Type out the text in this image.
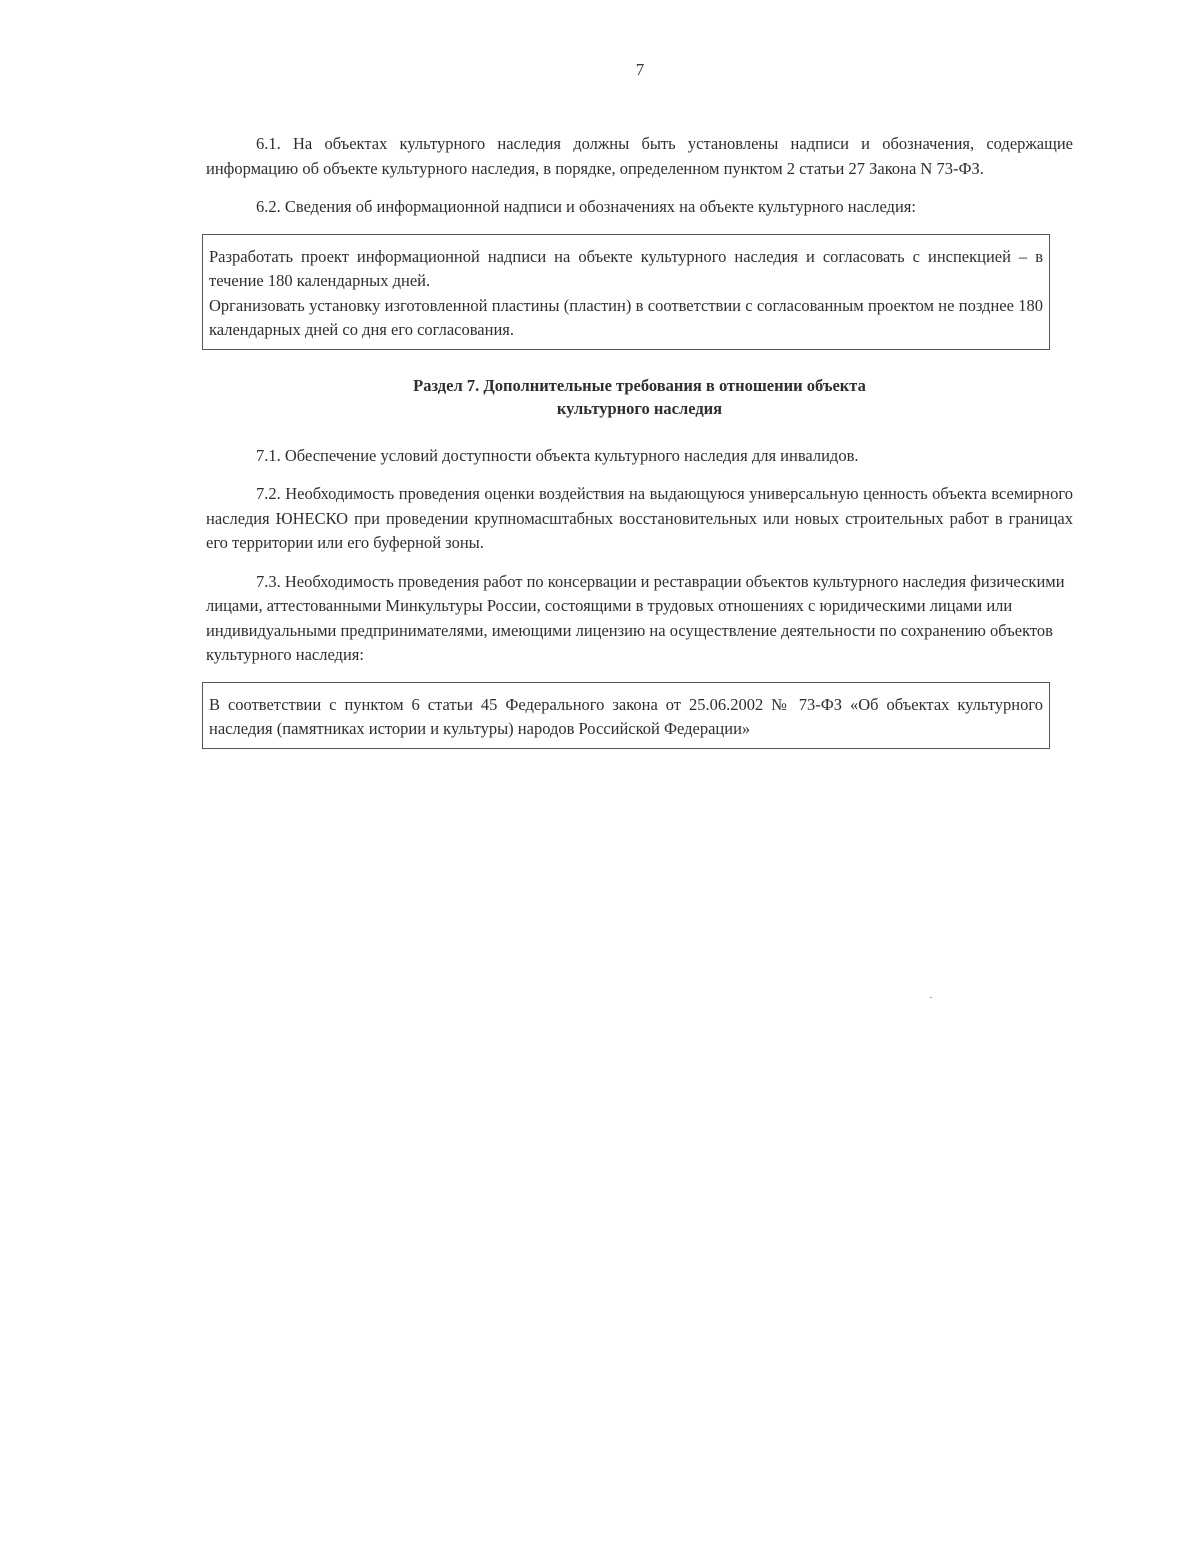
7

6.1. На объектах культурного наследия должны быть установлены надписи и обозначения, содержащие информацию об объекте культурного наследия, в порядке, определенном пунктом 2 статьи 27 Закона N 73-ФЗ.

6.2. Сведения об информационной надписи и обозначениях на объекте культурного наследия:

Разработать проект информационной надписи на объекте культурного наследия и согласовать с инспекцией – в течение 180 календарных дней.

Организовать установку изготовленной пластины (пластин) в соответствии с согласованным проектом не позднее 180 календарных дней со дня его согласования.

Раздел 7. Дополнительные требования в отношении объекта
культурного наследия

7.1. Обеспечение условий доступности объекта культурного наследия для инвалидов.

7.2. Необходимость проведения оценки воздействия на выдающуюся универсальную ценность объекта всемирного наследия ЮНЕСКО при проведении крупномасштабных восстановительных или новых строительных работ в границах его территории или его буферной зоны.

7.3. Необходимость проведения работ по консервации и реставрации объектов культурного наследия физическими лицами, аттестованными Минкультуры России, состоящими в трудовых отношениях с юридическими лицами или индивидуальными предпринимателями, имеющими лицензию на осуществление деятельности по сохранению объектов культурного наследия:

В соответствии с пунктом 6 статьи 45 Федерального закона от 25.06.2002 № 73-ФЗ «Об объектах культурного наследия (памятниках истории и культуры) народов Российской Федерации»
